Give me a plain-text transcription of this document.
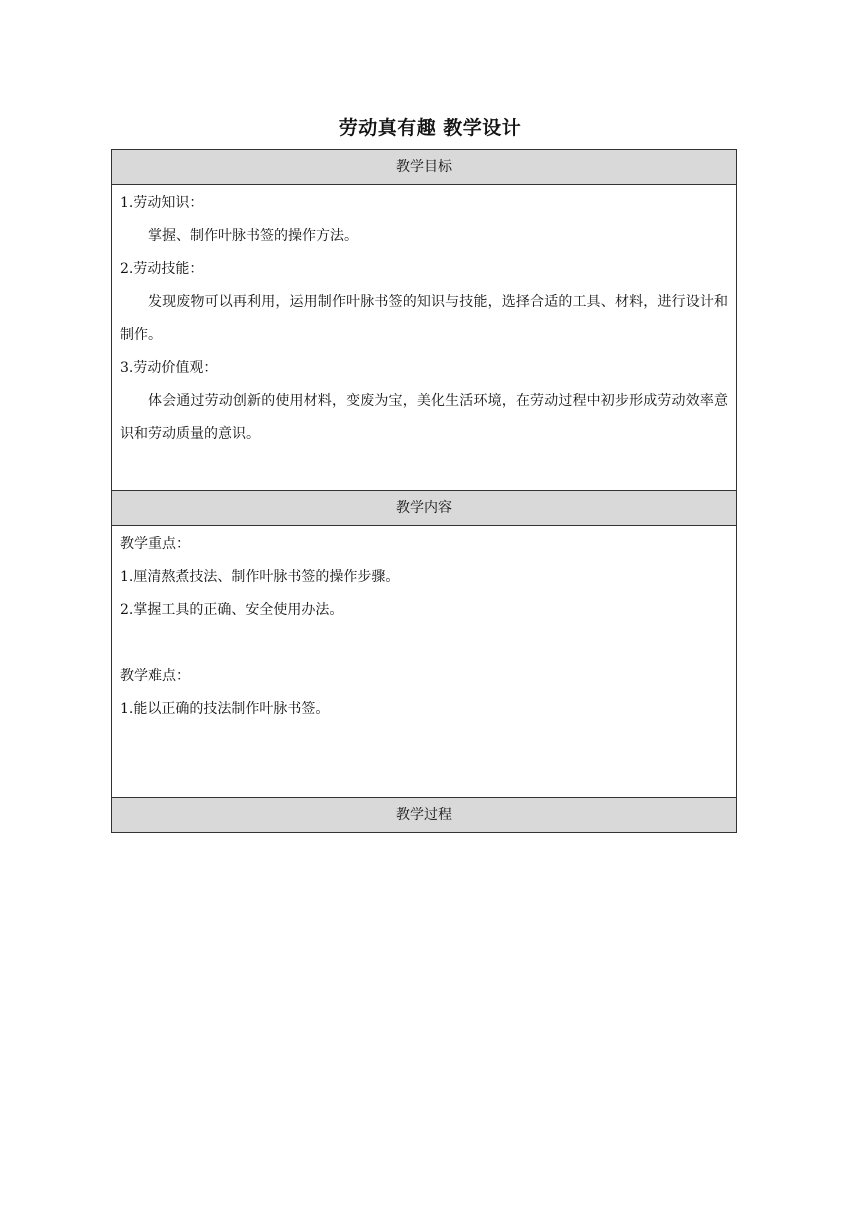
劳动真有趣 教学设计
教学目标

1.劳动知识：
掌握、制作叶脉书签的操作方法。
2.劳动技能：
发现废物可以再利用，运用制作叶脉书签的知识与技能，选择合适的工具、材料，进行设计和制作。
3.劳动价值观：
体会通过劳动创新的使用材料，变废为宝，美化生活环境，在劳动过程中初步形成劳动效率意识和劳动质量的意识。

教学内容

教学重点：
1.厘清熬煮技法、制作叶脉书签的操作步骤。
2.掌握工具的正确、安全使用办法。
教学难点：
1.能以正确的技法制作叶脉书签。

教学过程
